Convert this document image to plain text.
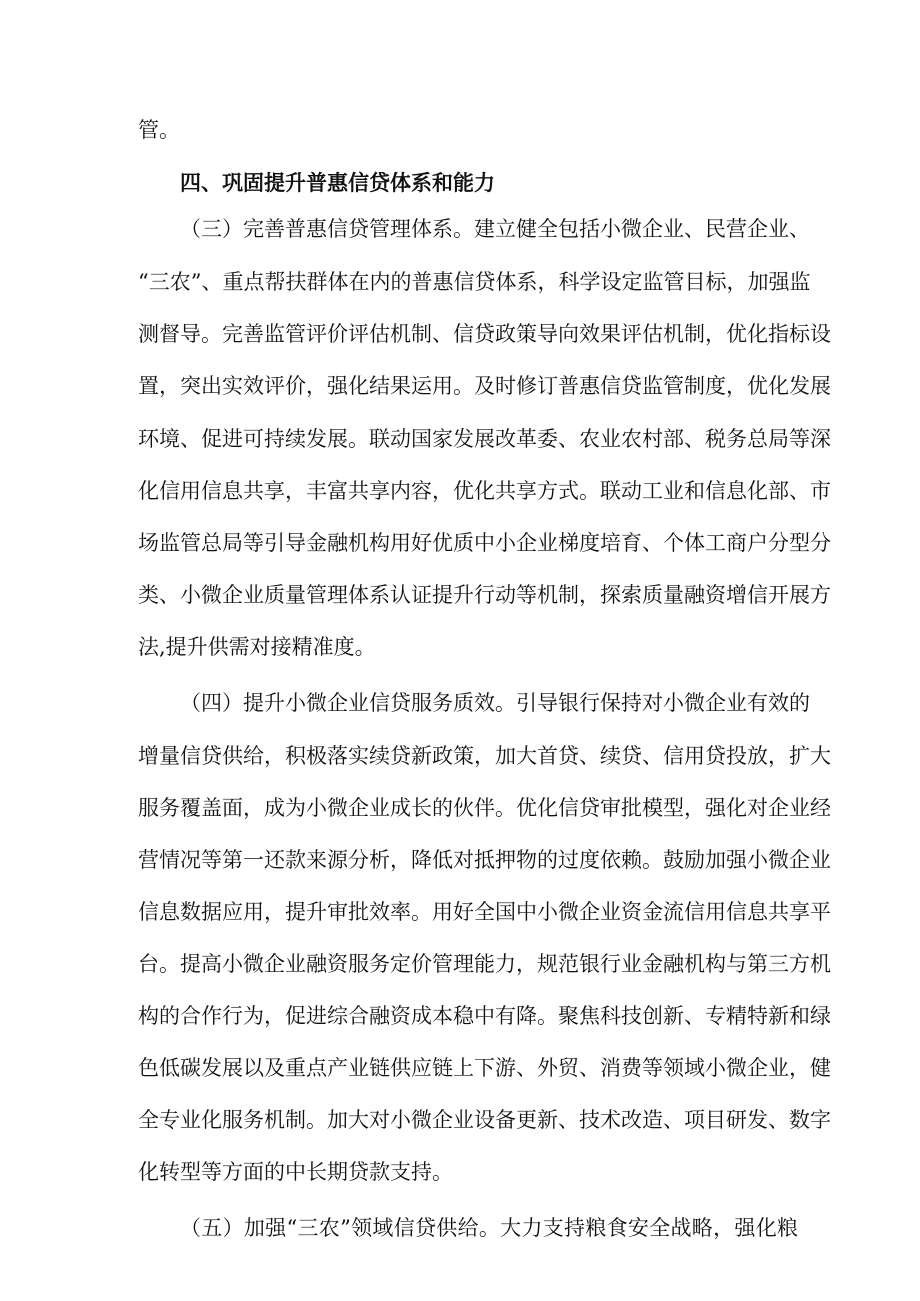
管。
四、巩固提升普惠信贷体系和能力
（三）完善普惠信贷管理体系。建立健全包括小微企业、民营企业、
“三农”、重点帮扶群体在内的普惠信贷体系，科学设定监管目标，加强监
测督导。完善监管评价评估机制、信贷政策导向效果评估机制，优化指标设
置，突出实效评价，强化结果运用。及时修订普惠信贷监管制度，优化发展
环境、促进可持续发展。联动国家发展改革委、农业农村部、税务总局等深
化信用信息共享，丰富共享内容，优化共享方式。联动工业和信息化部、市
场监管总局等引导金融机构用好优质中小企业梯度培育、个体工商户分型分
类、小微企业质量管理体系认证提升行动等机制，探索质量融资增信开展方
法,提升供需对接精准度。
（四）提升小微企业信贷服务质效。引导银行保持对小微企业有效的
增量信贷供给，积极落实续贷新政策，加大首贷、续贷、信用贷投放，扩大
服务覆盖面，成为小微企业成长的伙伴。优化信贷审批模型，强化对企业经
营情况等第一还款来源分析，降低对抵押物的过度依赖。鼓励加强小微企业
信息数据应用，提升审批效率。用好全国中小微企业资金流信用信息共享平
台。提高小微企业融资服务定价管理能力，规范银行业金融机构与第三方机
构的合作行为，促进综合融资成本稳中有降。聚焦科技创新、专精特新和绿
色低碳发展以及重点产业链供应链上下游、外贸、消费等领域小微企业，健
全专业化服务机制。加大对小微企业设备更新、技术改造、项目研发、数字
化转型等方面的中长期贷款支持。
（五）加强“三农”领域信贷供给。大力支持粮食安全战略，强化粮
